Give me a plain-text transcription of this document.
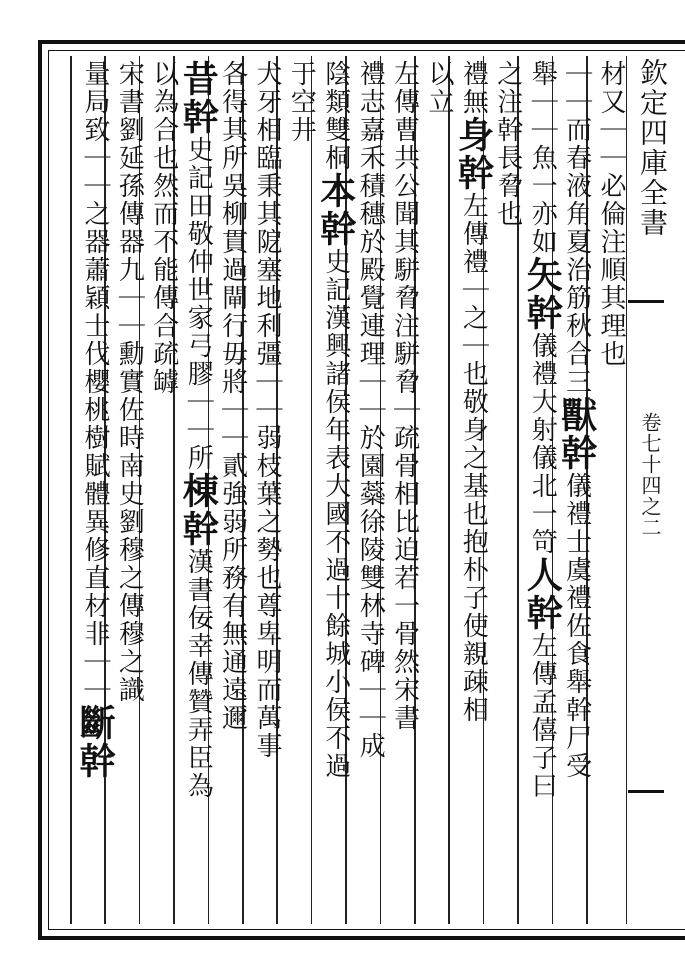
欽定四庫全書
卷七十四之二
材又｜｜必倫注順其理也
｜｜而春液角夏治筋秋合三獸幹儀禮士虞禮佐食舉幹尸受
舉｜｜魚一亦如矢幹儀禮大射儀北一笴人幹左傳孟僖子曰
之注幹長脅也
禮無身幹左傳禮｜之｜也敬身之基也抱朴子使親疎相
以立
左傳曹共公聞其駢脅注駢脅｜疏骨相比迫若一骨然宋書
禮志嘉禾積穗於殿覺連理｜｜於園蘂徐陵雙林寺碑｜｜成
陰類雙桐本幹史記漢興諸侯年表大國不過十餘城小侯不過
于空井
犬牙相臨秉其阸塞地利彊｜｜弱枝葉之勢也尊卑明而萬事
各得其所吳柳貫過閘行毋將｜｜貳強弱所務有無通遠邇
昔幹史記田敬仲世家弓膠｜｜所棟幹漢書佞幸傳贊弄臣為
以為合也然而不能傳合疏罅
宋書劉延孫傳器九｜｜勳實佐時南史劉穆之傳穆之識
量局致｜｜之器蕭穎士伐櫻桃樹賦體異修直材非｜｜斷幹
數十里以蕃輔京師而漢郡八九十形錯諸侯間儀禮大射儀北一笴東面立注笴｜｜禮｜之｜也無王儉褚淵碑文率禮蹈謙諒實｜｜振祭嚌之佐食受加于脈俎輔鼎足不彊｜｜微撓
